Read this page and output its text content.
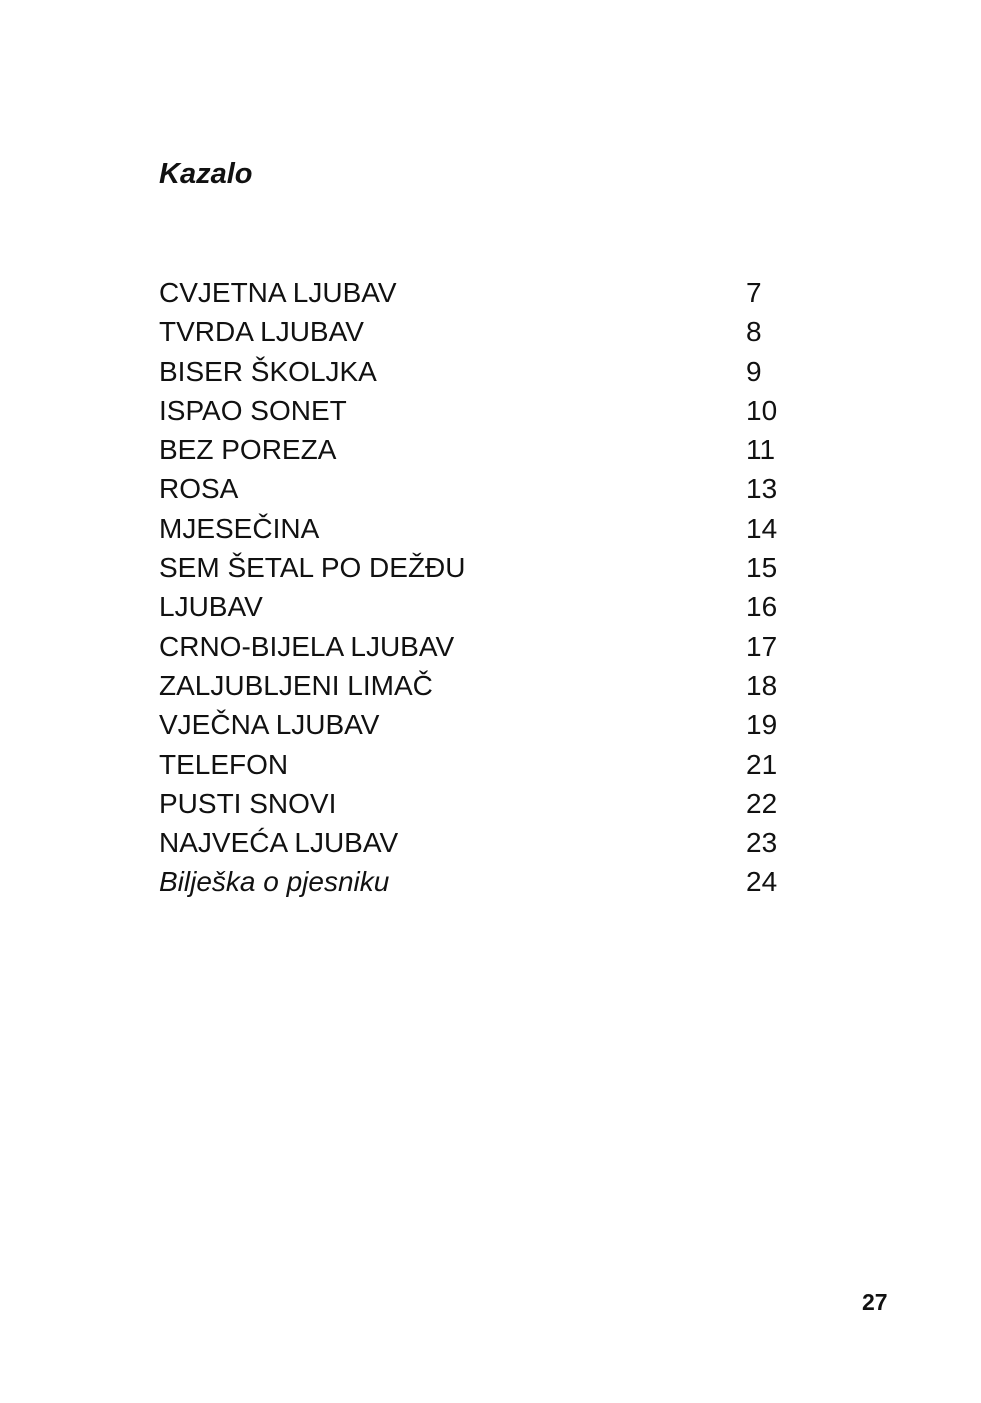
Kazalo
CVJETNA LJUBAV	7
TVRDA LJUBAV	8
BISER ŠKOLJKA	9
ISPAO SONET	10
BEZ POREZA	11
ROSA	13
MJESEČINA	14
SEM ŠETAL PO DEŽĐU	15
LJUBAV	16
CRNO-BIJELA LJUBAV	17
ZALJUBLJENI LIMAČ	18
VJEČNA LJUBAV	19
TELEFON	21
PUSTI SNOVI	22
NAJVEĆA LJUBAV	23
Bilješka o pjesniku	24
27
